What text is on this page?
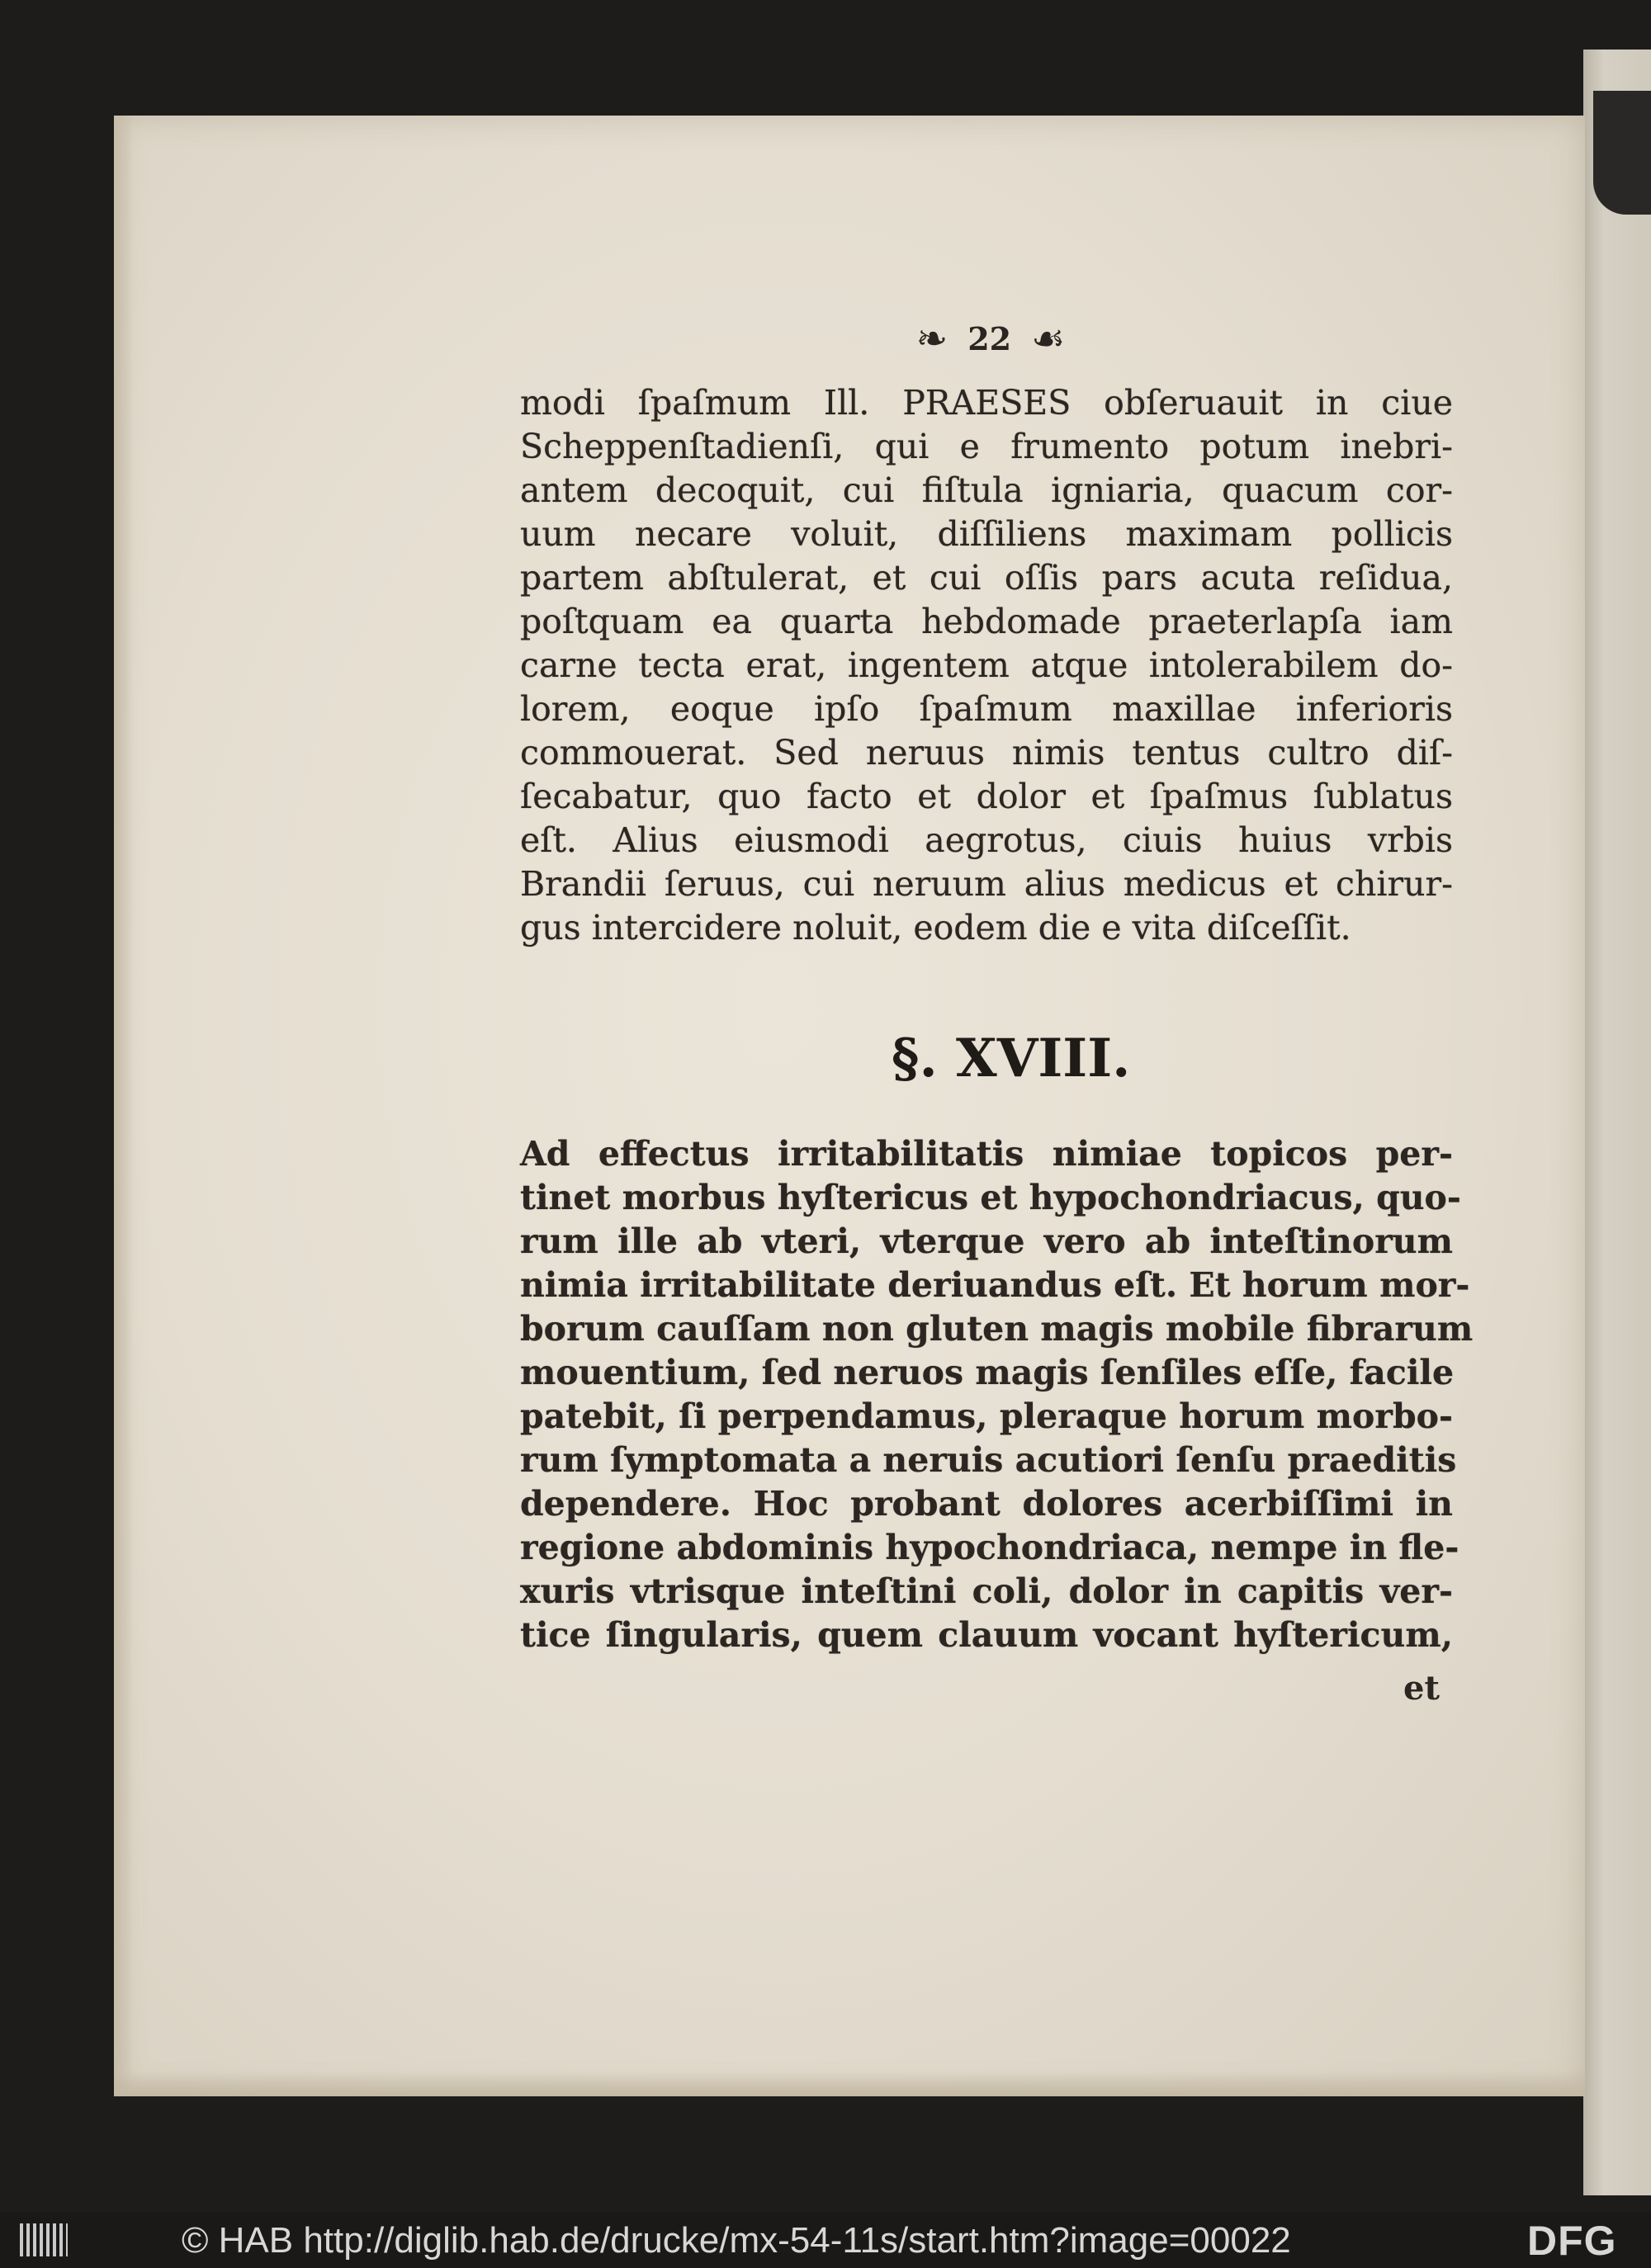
❧ 22 ☙
modi ſpaſmum Ill. PRAESES obſeruauit in ciue
Scheppenſtadienſi, qui e frumento potum inebri-
antem decoquit, cui fiſtula igniaria, quacum cor-
uum necare voluit, diſſiliens maximam pollicis
partem abſtulerat, et cui oſſis pars acuta reſidua,
poſtquam ea quarta hebdomade praeterlapſa iam
carne tecta erat, ingentem atque intolerabilem do-
lorem, eoque ipſo ſpaſmum maxillae inferioris
commouerat. Sed neruus nimis tentus cultro diſ-
ſecabatur, quo facto et dolor et ſpaſmus ſublatus
eſt. Alius eiusmodi aegrotus, ciuis huius vrbis
Brandii ſeruus, cui neruum alius medicus et chirur-
gus intercidere noluit, eodem die e vita diſceſſit.
§. XVIII.
Ad effectus irritabilitatis nimiae topicos per-
tinet morbus hyſtericus et hypochondriacus, quo-
rum ille ab vteri, vterque vero ab inteſtinorum
nimia irritabilitate deriuandus eſt. Et horum mor-
borum cauſſam non gluten magis mobile fibrarum
mouentium, ſed neruos magis ſenſiles eſſe, facile
patebit, ſi perpendamus, pleraque horum morbo-
rum ſymptomata a neruis acutiori ſenſu praeditis
dependere. Hoc probant dolores acerbiſſimi in
regione abdominis hypochondriaca, nempe in fle-
xuris vtrisque inteſtini coli, dolor in capitis ver-
tice ſingularis, quem clauum vocant hyſtericum,
et
© HAB http://diglib.hab.de/drucke/mx-54-11s/start.htm?image=00022	DFG
